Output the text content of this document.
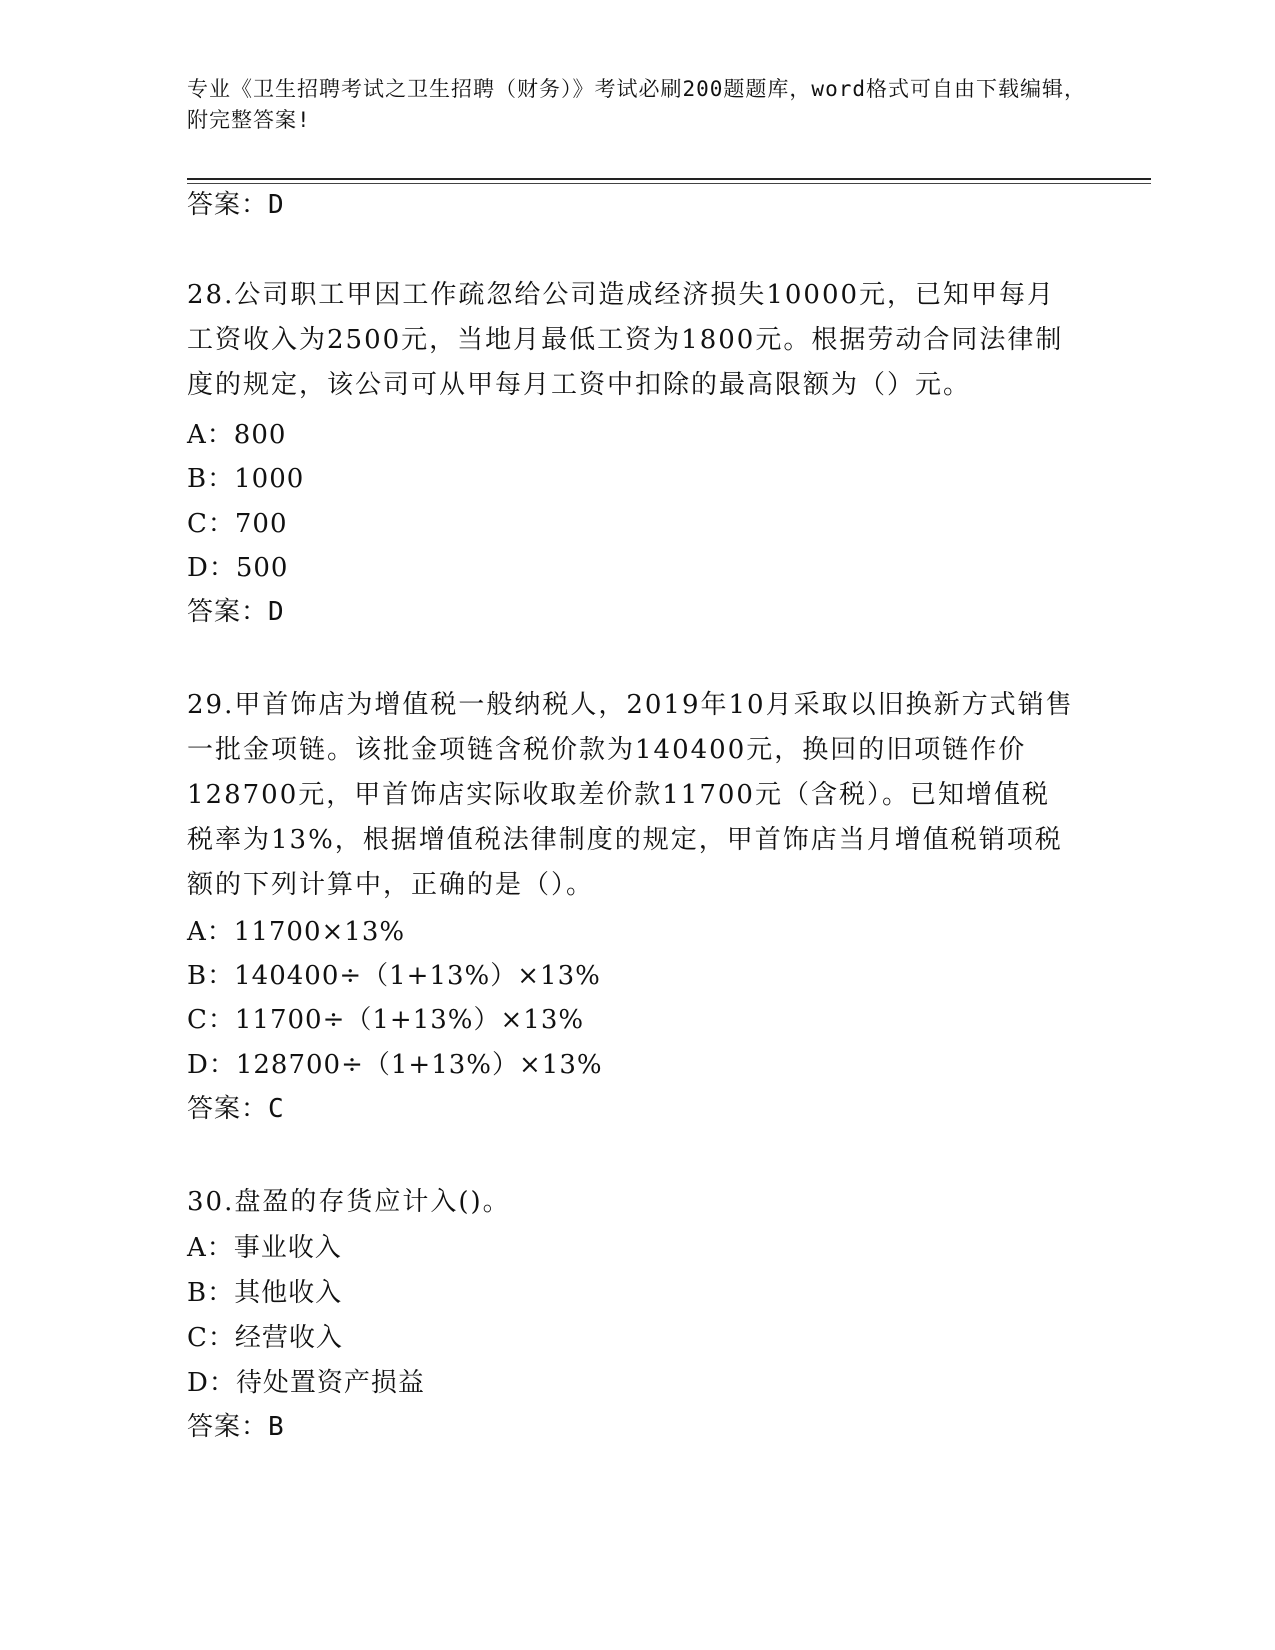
专业《卫生招聘考试之卫生招聘（财务）》考试必刷200题题库，word格式可自由下载编辑，附完整答案!
答案：D

28.公司职工甲因工作疏忽给公司造成经济损失10000元，已知甲每月工资收入为2500元，当地月最低工资为1800元。根据劳动合同法律制度的规定，该公司可从甲每月工资中扣除的最高限额为（）元。

A：800
B：1000
C：700
D：500
答案：D

29.甲首饰店为增值税一般纳税人，2019年10月采取以旧换新方式销售一批金项链。该批金项链含税价款为140400元，换回的旧项链作价128700元，甲首饰店实际收取差价款11700元（含税）。已知增值税税率为13%，根据增值税法律制度的规定，甲首饰店当月增值税销项税额的下列计算中，正确的是（）。

A：11700×13%
B：140400÷（1+13%）×13%
C：11700÷（1+13%）×13%
D：128700÷（1+13%）×13%
答案：C

30.盘盈的存货应计入()。

A：事业收入
B：其他收入
C：经营收入
D：待处置资产损益
答案：B
